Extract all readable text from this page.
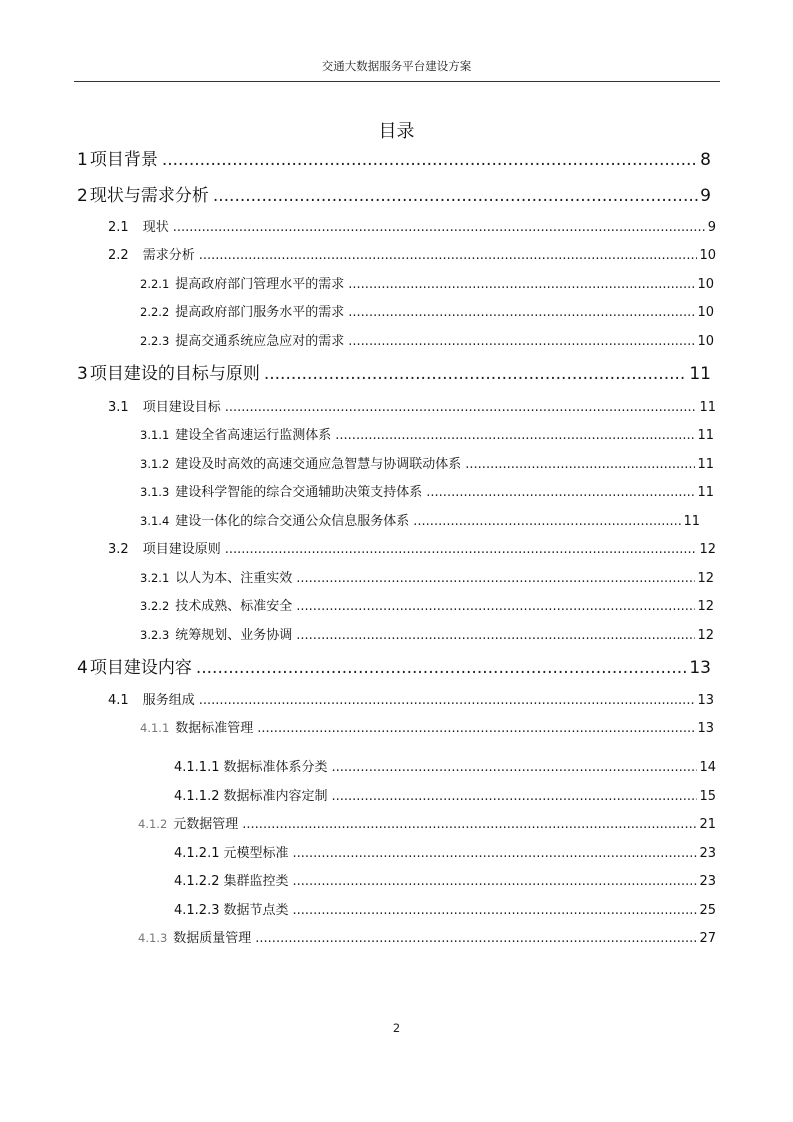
交通大数据服务平台建设方案
目录
1 项目背景 .....	8
2 现状与需求分析 .....	9
2.1 现状 .....	9
2.2 需求分析 .....	10
2.2.1 提高政府部门管理水平的需求 .....	10
2.2.2 提高政府部门服务水平的需求 .....	10
2.2.3 提高交通系统应急应对的需求 .....	10
3 项目建设的目标与原则 .....	11
3.1 项目建设目标 .....	11
3.1.1 建设全省高速运行监测体系 .....	11
3.1.2 建设及时高效的高速交通应急智慧与协调联动体系 .....	11
3.1.3 建设科学智能的综合交通辅助决策支持体系 .....	11
3.1.4 建设一体化的综合交通公众信息服务体系 .....	11
3.2 项目建设原则 .....	12
3.2.1 以人为本、注重实效 .....	12
3.2.2 技术成熟、标准安全 .....	12
3.2.3 统筹规划、业务协调 .....	12
4 项目建设内容 .....	13
4.1 服务组成 .....	13
4.1.1 数据标准管理 .....	13
4.1.1.1 数据标准体系分类 .....	14
4.1.1.2 数据标准内容定制 .....	15
4.1.2 元数据管理 .....	21
4.1.2.1 元模型标准 .....	23
4.1.2.2 集群监控类 .....	23
4.1.2.3 数据节点类 .....	25
4.1.3 数据质量管理 .....	27
2
